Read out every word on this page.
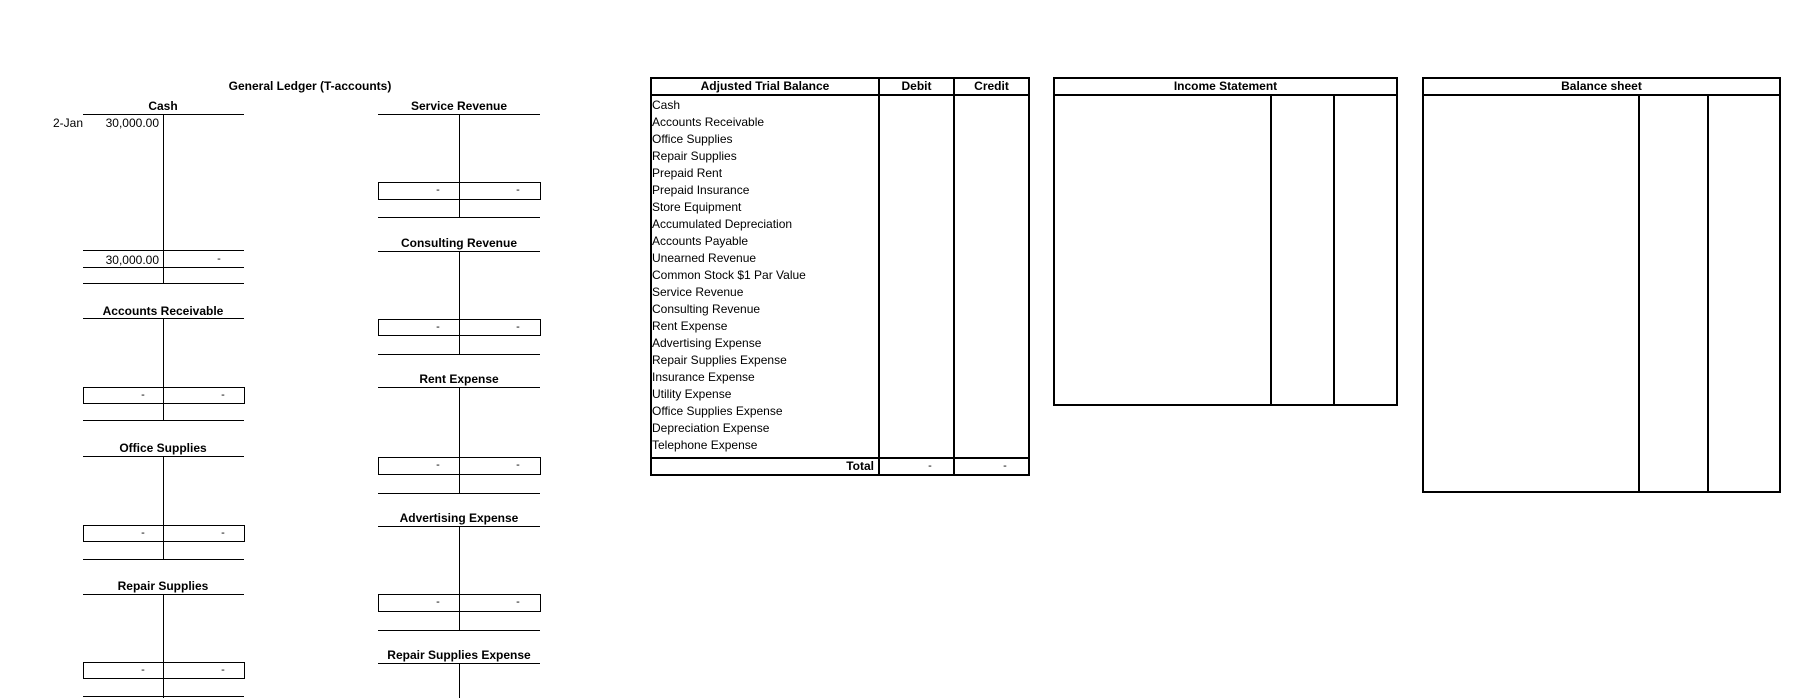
General Ledger (T-accounts)
Cash
2-Jan	30,000.00
30,000.00	-
Accounts Receivable
-	-
Office Supplies
-	-
Repair Supplies
-	-
Service Revenue
-	-
Consulting Revenue
-	-
Rent Expense
-	-
Advertising Expense
-	-
Repair Supplies Expense
Adjusted Trial Balance	Debit	Credit
Cash
Accounts Receivable
Office Supplies
Repair Supplies
Prepaid Rent
Prepaid Insurance
Store Equipment
Accumulated Depreciation
Accounts Payable
Unearned Revenue
Common Stock $1 Par Value
Service Revenue
Consulting Revenue
Rent Expense
Advertising Expense
Repair Supplies Expense
Insurance Expense
Utility Expense
Office Supplies Expense
Depreciation Expense
Telephone Expense
Total	-	-
Income Statement	Balance sheet
